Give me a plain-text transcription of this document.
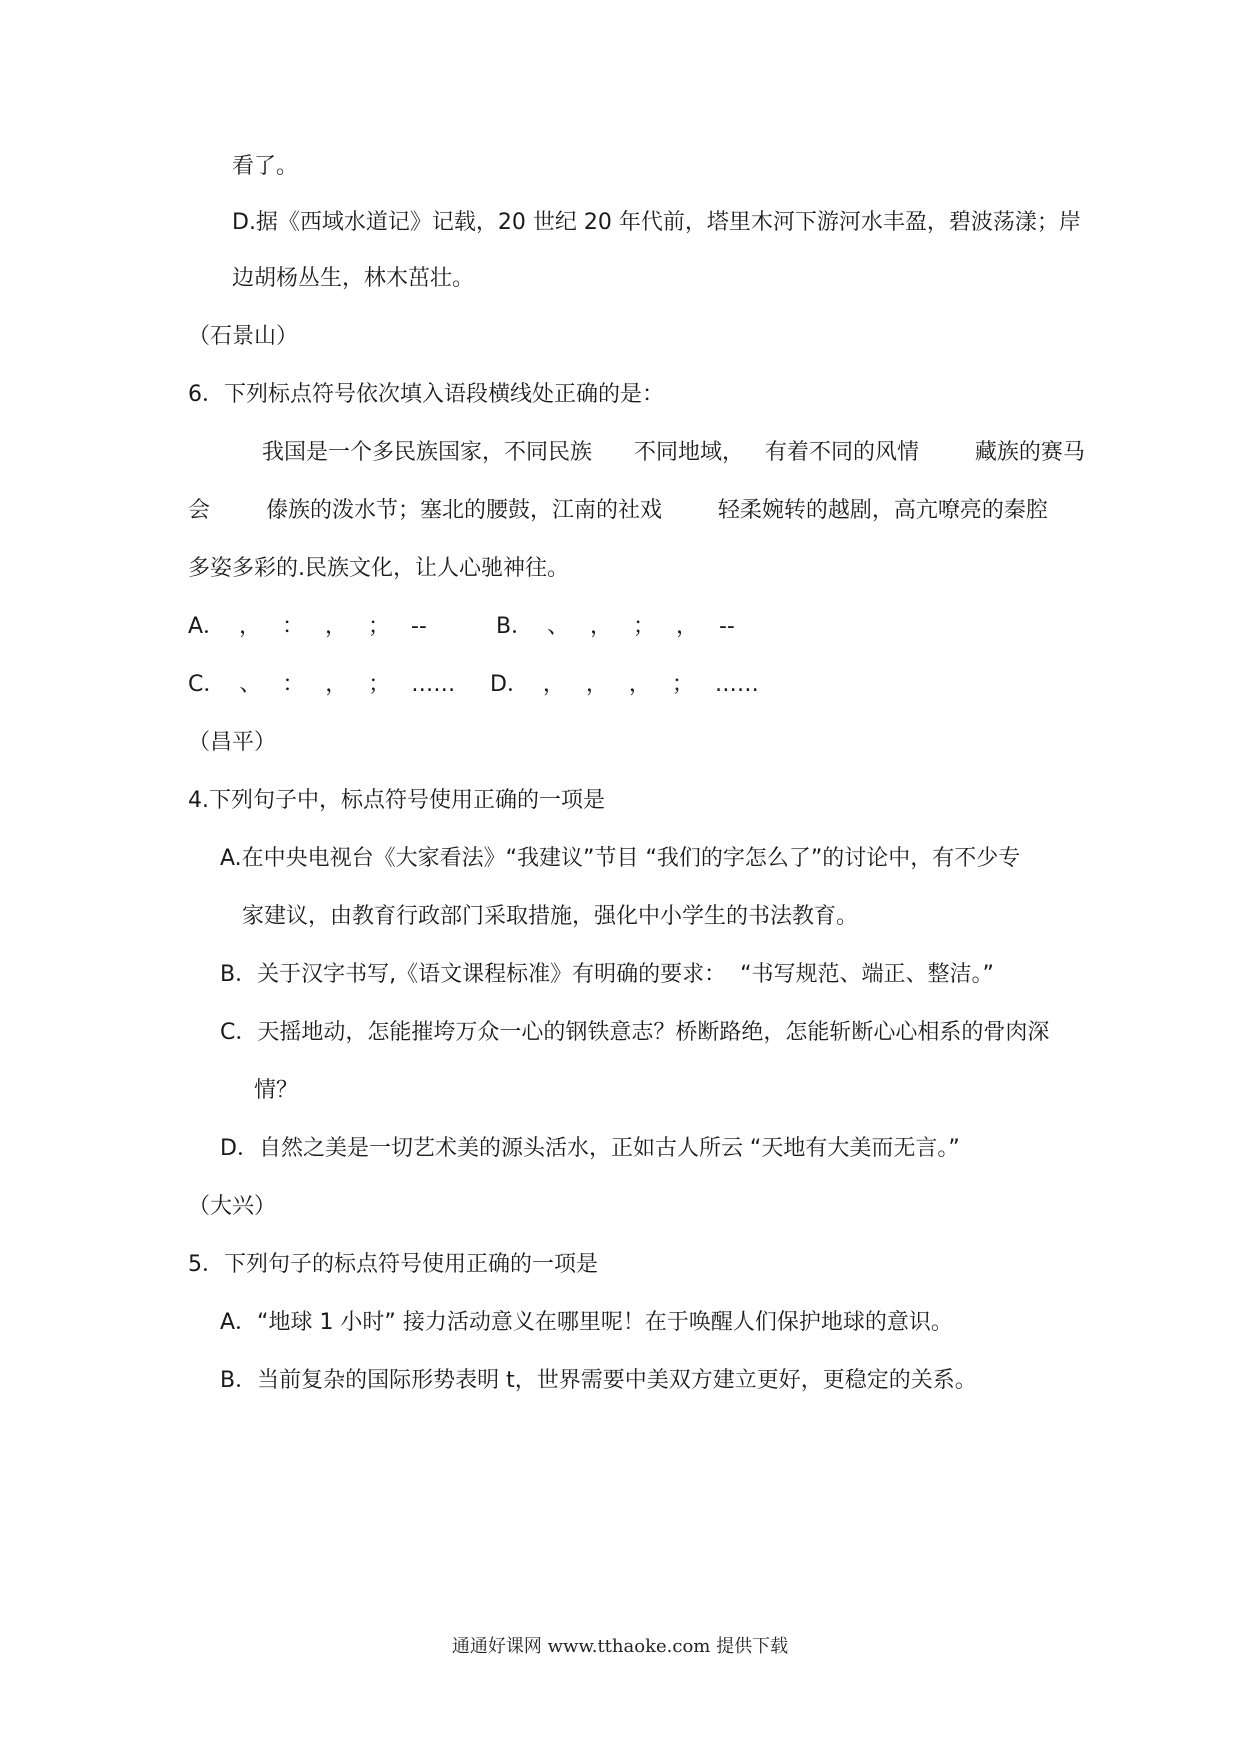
看了。
D.据《西域水道记》记载，20 世纪 20 年代前，塔里木河下游河水丰盈，碧波荡漾；岸
边胡杨丛生，林木茁壮。
（石景山）
6．下列标点符号依次填入语段横线处正确的是：
我国是一个多民族国家，不同民族      不同地域，   有着不同的风情        藏族的赛马
会        傣族的泼水节；塞北的腰鼓，江南的社戏        轻柔婉转的越剧，高亢嘹亮的秦腔
多姿多彩的.民族文化，让人心驰神往。
A．  ，   ：   ，   ；   --	B．  、   ，   ；   ，   --
C．  、   ：   ，   ；   …… D．  ，   ，   ，   ；   ……
（昌平）
4.下列句子中，标点符号使用正确的一项是
A.在中央电视台《大家看法》“我建议”节目 “我们的字怎么了”的讨论中，有不少专
家建议，由教育行政部门采取措施，强化中小学生的书法教育。
B．关于汉字书写,《语文课程标准》有明确的要求：  “书写规范、端正、整洁。”
C．天摇地动，怎能摧垮万众一心的钢铁意志？桥断路绝，怎能斩断心心相系的骨肉深
情？
D．自然之美是一切艺术美的源头活水，正如古人所云 “天地有大美而无言。”
（大兴）
5．下列句子的标点符号使用正确的一项是
A．“地球 1 小时” 接力活动意义在哪里呢！在于唤醒人们保护地球的意识。
B．当前复杂的国际形势表明 t，世界需要中美双方建立更好，更稳定的关系。
通通好课网 www.tthaoke.com 提供下载
